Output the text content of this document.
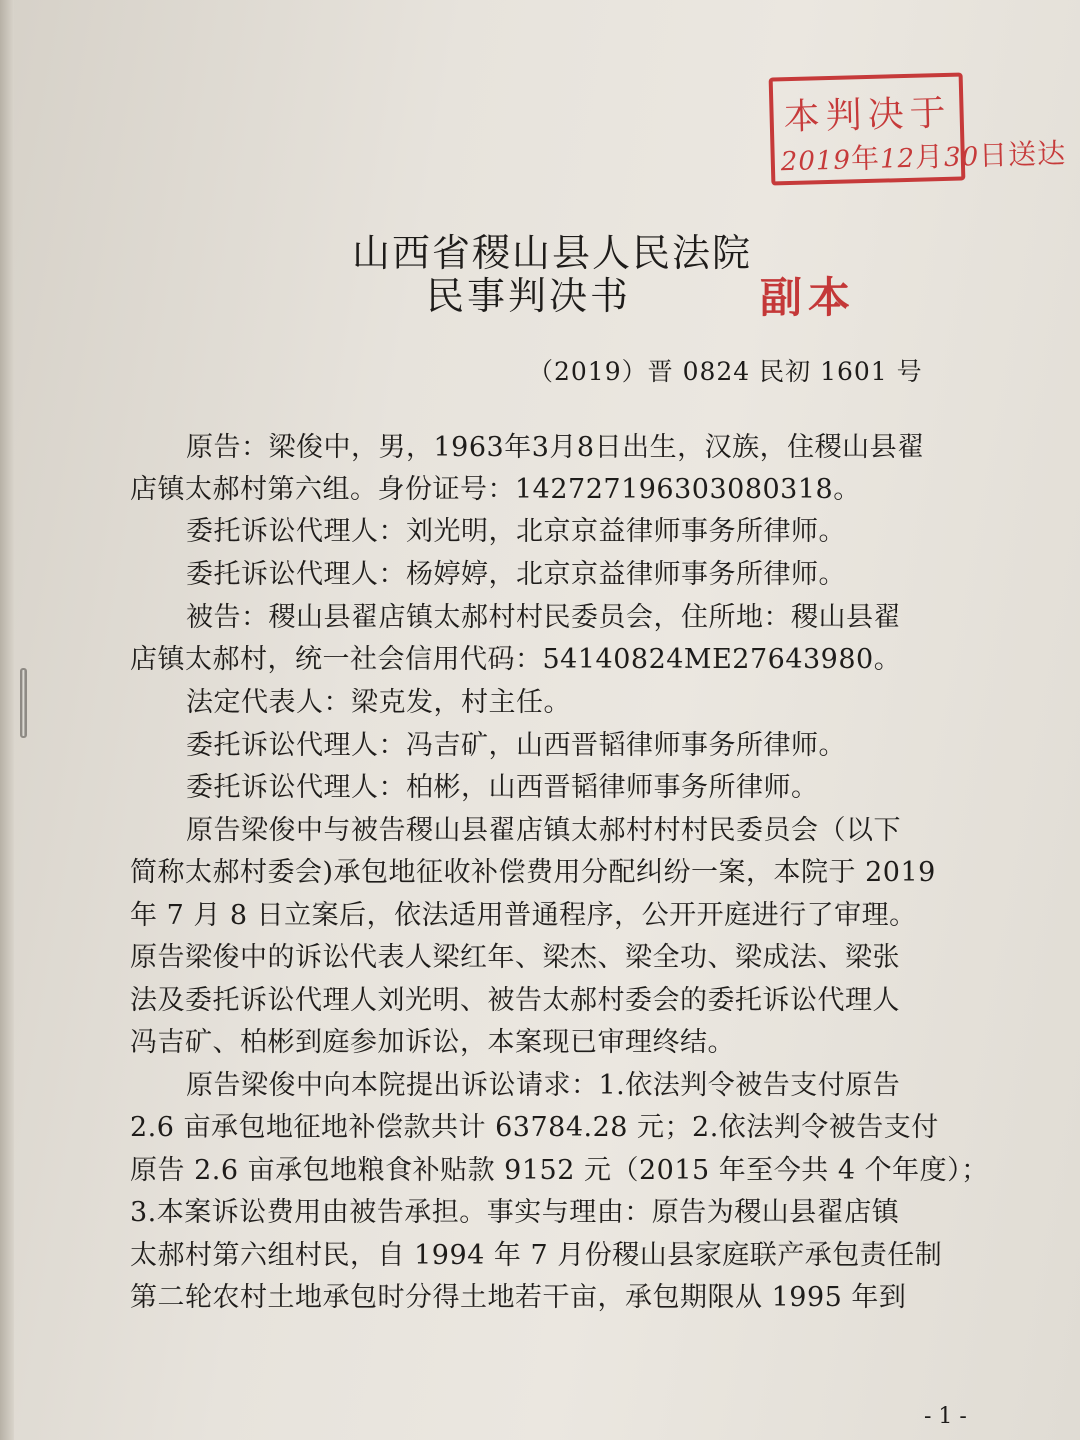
本判决于
2019年12月30日送达
山西省稷山县人民法院
民事判决书	副本
（2019）晋 0824 民初 1601 号
原告：梁俊中，男，1963年3月8日出生，汉族，住稷山县翟
店镇太郝村第六组。身份证号：142727196303080318。
委托诉讼代理人：刘光明，北京京益律师事务所律师。
委托诉讼代理人：杨婷婷，北京京益律师事务所律师。
被告：稷山县翟店镇太郝村村民委员会，住所地：稷山县翟
店镇太郝村，统一社会信用代码：54140824ME27643980。
法定代表人：梁克发，村主任。
委托诉讼代理人：冯吉矿，山西晋韬律师事务所律师。
委托诉讼代理人：柏彬，山西晋韬律师事务所律师。
原告梁俊中与被告稷山县翟店镇太郝村村村民委员会（以下
简称太郝村委会)承包地征收补偿费用分配纠纷一案，本院于 2019
年 7 月 8 日立案后，依法适用普通程序，公开开庭进行了审理。
原告梁俊中的诉讼代表人梁红年、梁杰、梁全功、梁成法、梁张
法及委托诉讼代理人刘光明、被告太郝村委会的委托诉讼代理人
冯吉矿、柏彬到庭参加诉讼，本案现已审理终结。
原告梁俊中向本院提出诉讼请求：1.依法判令被告支付原告
2.6 亩承包地征地补偿款共计 63784.28 元；2.依法判令被告支付
原告 2.6 亩承包地粮食补贴款 9152 元（2015 年至今共 4 个年度）；
3.本案诉讼费用由被告承担。事实与理由：原告为稷山县翟店镇
太郝村第六组村民，自 1994 年 7 月份稷山县家庭联产承包责任制
第二轮农村土地承包时分得土地若干亩，承包期限从 1995 年到
- 1 -
